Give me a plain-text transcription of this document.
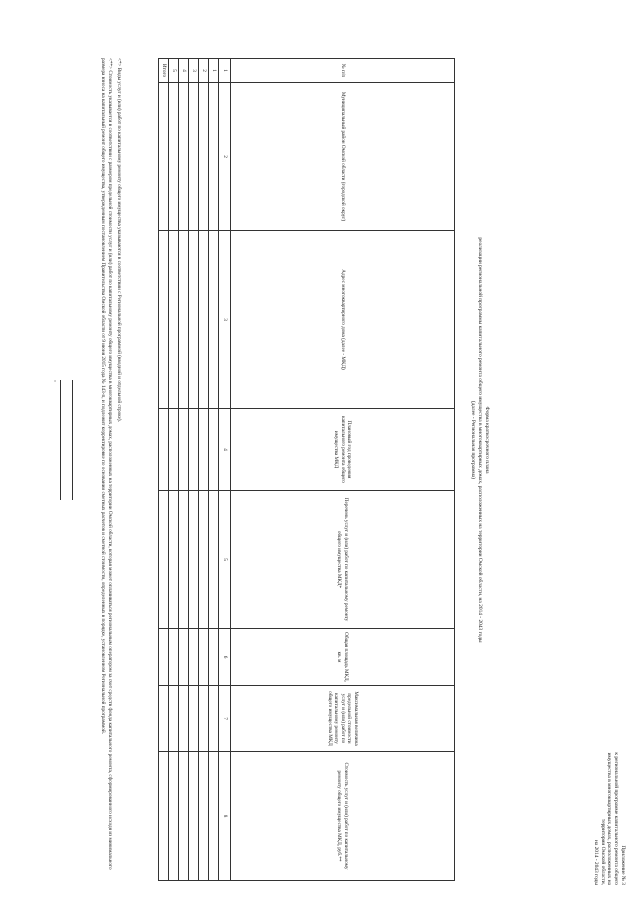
Приложение № 3
к региональной программе капитального ремонта общего
имущества в многоквартирных домах, расположенных на
территории Омской области,
на 2014 - 2043 годы
Форма краткосрочного плана
реализации региональной программы капитального ремонта общего имущества в многоквартирных домах, расположенных на территории Омской области, на 2014 - 2043 годы
(далее - Региональная программа)
№ п/п
Муниципальный район Омской области (городской округ)
Адрес многоквартирного дома (далее - МКД)
Плановый год проведения капитального ремонта общего имущества МКД
Перечень услуг и (или) работ по капитальному ремонту общего имущества МКД*
Общая площадь МКД, кв. м
Максимальная величина предельной стоимости услуг и (или) работ по капитальному ремонту общего имущества МКД
Стоимость услуг и (или) работ по капитальному ремонту общего имущества МКД, руб.**
1
2
3
4
5
6
7
8
1
2
3
4
5
Итого

<*> Виды услуг и (или) работ по капитальному ремонту общего имущества указываются в соответствии с Региональной программой (вводной и отдельной строке).

<**> Стоимость указывается в соответствии с размером предельной стоимости услуг и (или) работ по капитальному ремонту общего имущества в многоквартирных домах, расположенных на территории Омской области, которая может оплачиваться региональным оператором за счет средств фонда капитального ремонта, сформированного исходя из минимального размера взноса на капитальный ремонт общего имущества, утвержденным постановлением Правительства Омской области от 9 июня 2015 года № 143-п, и подлежит корректировке по основании сметных расчетов и сметной стоимости, определенных в порядке, установленном Региональной программой.

"
